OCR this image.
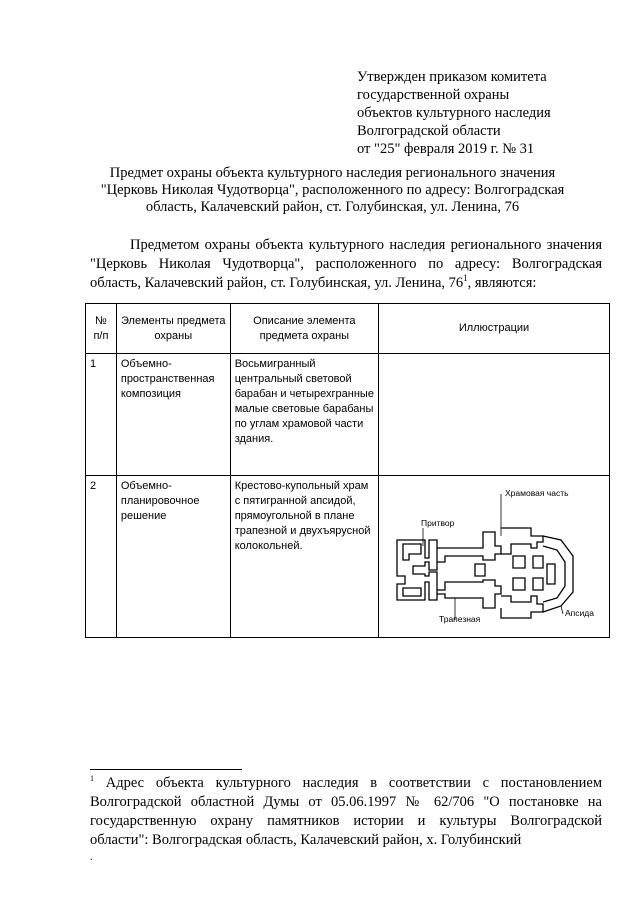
Утвержден приказом комитета
государственной охраны
объектов культурного наследия
Волгоградской области
от "25" февраля 2019 г. № 31
Предмет охраны объекта культурного наследия регионального значения "Церковь Николая Чудотворца", расположенного по адресу: Волгоградская область, Калачевский район, ст. Голубинская, ул. Ленина, 76

Предметом охраны объекта культурного наследия регионального значения "Церковь Николая Чудотворца", расположенного по адресу: Волгоградская область, Калачевский район, ст. Голубинская, ул. Ленина, $76^1$, являются:

№ п/п	Элементы предмета охраны	Описание элемента предмета охраны	Иллюстрации
1	Объемно-пространственная композиция	Восьмигранный центральный световой барабан и четырехгранные малые световые барабаны по углам храмовой части здания.	
2	Объемно-планировочное решение	Крестово-купольный храм с пятигранной апсидой, прямоугольной в плане трапезной и двухъярусной колокольней.	Храмовая часть
Притвор
Апсида
Трапезная
$^1$ Адрес объекта культурного наследия в соответствии с постановлением Волгоградской областной Думы от 05.06.1997 № 62/706 "О постановке на государственную охрану памятников истории и культуры Волгоградской области": Волгоградская область, Калачевский район, х. Голубинский
.
